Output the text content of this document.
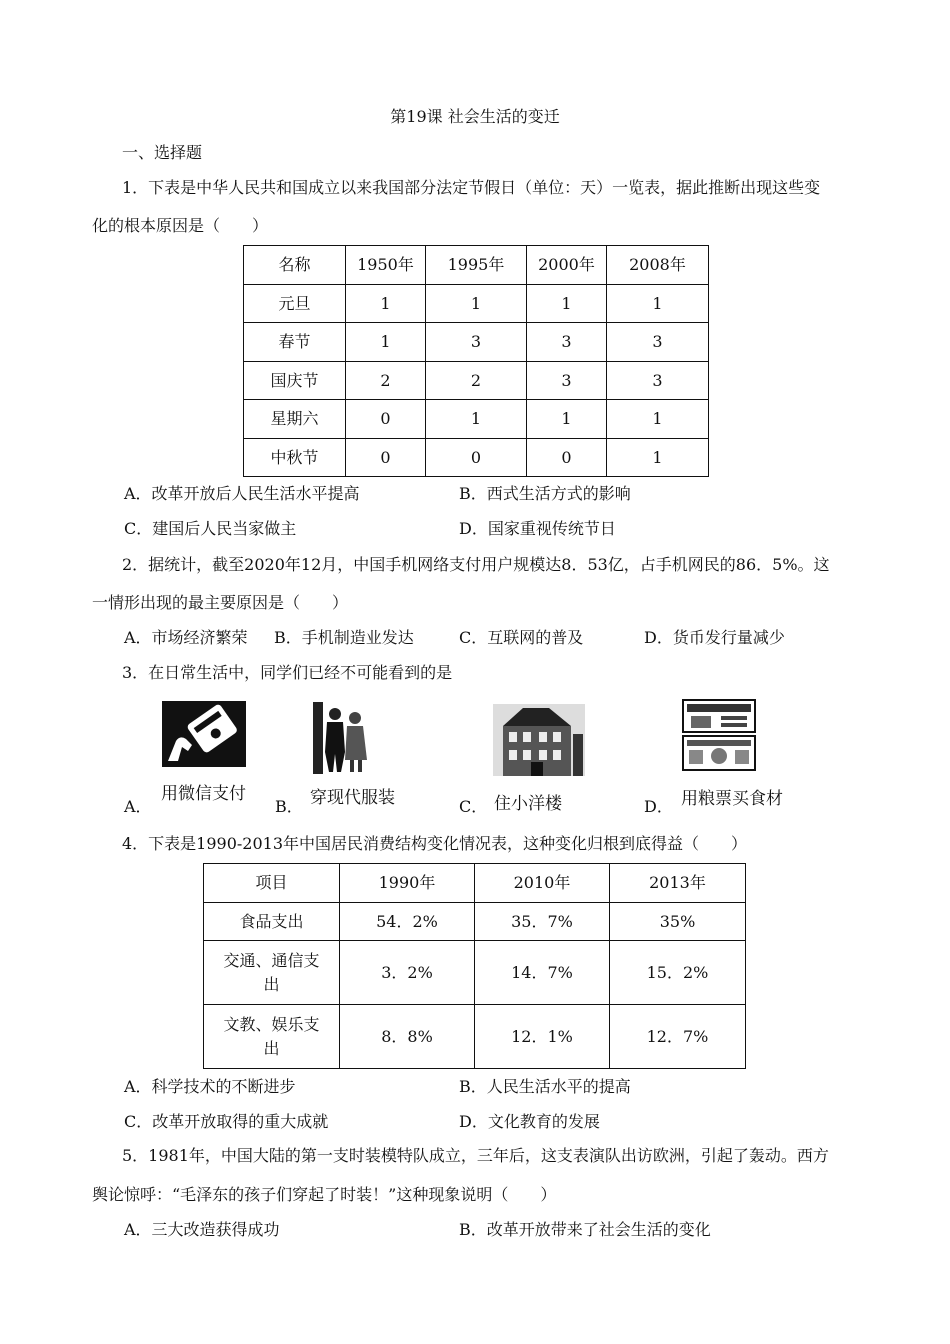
第19课 社会生活的变迁
一、选择题
1．下表是中华人民共和国成立以来我国部分法定节假日（单位：天）一览表，据此推断出现这些变
化的根本原因是（　　）
名称	1950年	1995年	2000年	2008年
元旦	1	1	1	1
春节	1	3	3	3
国庆节	2	2	3	3
星期六	0	1	1	1
中秋节	0	0	0	1
A．改革开放后人民生活水平提高	B．西式生活方式的影响
C．建国后人民当家做主	D．国家重视传统节日
2．据统计，截至2020年12月，中国手机网络支付用户规模达8．53亿，占手机网民的86．5%。这
一情形出现的最主要原因是（　　）
A．市场经济繁荣 B．手机制造业发达	C．互联网的普及	D．货币发行量减少
3．在日常生活中，同学们已经不可能看到的是
A．
用微信支付
B． 穿现代服装	C． 住小洋楼	D． 用粮票买食材
4．下表是1990-2013年中国居民消费结构变化情况表，这种变化归根到底得益（　　）
项目	1990年	2010年	2013年
食品支出	54．2%	35．7%	35%
交通、通信支出	3．2%	14．7%	15．2%
文教、娱乐支出	8．8%	12．1%	12．7%
A．科学技术的不断进步	B．人民生活水平的提高
C．改革开放取得的重大成就	D．文化教育的发展
5．1981年，中国大陆的第一支时装模特队成立，三年后，这支表演队出访欧洲，引起了轰动。西方
舆论惊呼：“毛泽东的孩子们穿起了时装！”这种现象说明（　　）
A．三大改造获得成功	B．改革开放带来了社会生活的变化
